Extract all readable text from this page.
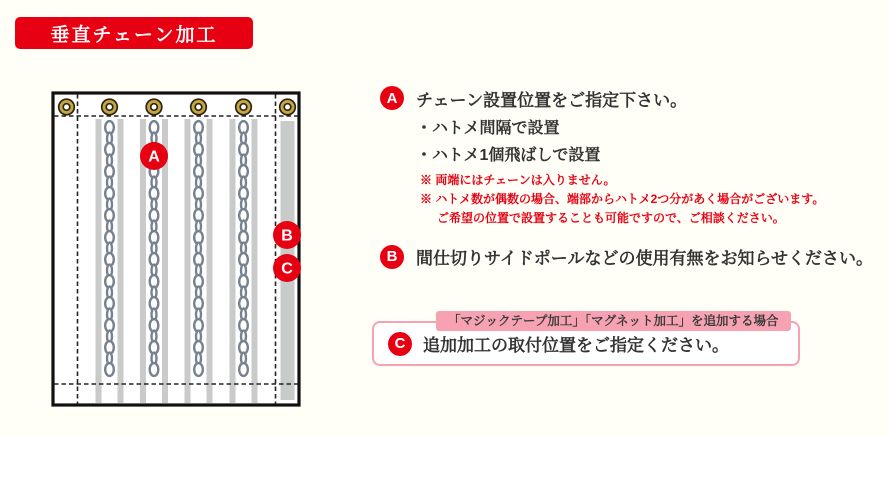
垂直チェーン加工
A
B
C
A	チェーン設置位置をご指定下さい。
・ハトメ間隔で設置
・ハトメ1個飛ばしで設置
※ 両端にはチェーンは入りません。
※ ハトメ数が偶数の場合、端部からハトメ2つ分があく場合がございます。
ご希望の位置で設置することも可能ですので、ご相談ください。
B	間仕切りサイドポールなどの使用有無をお知らせください。
「マジックテープ加工」「マグネット加工」を追加する場合
C	追加加工の取付位置をご指定ください。
